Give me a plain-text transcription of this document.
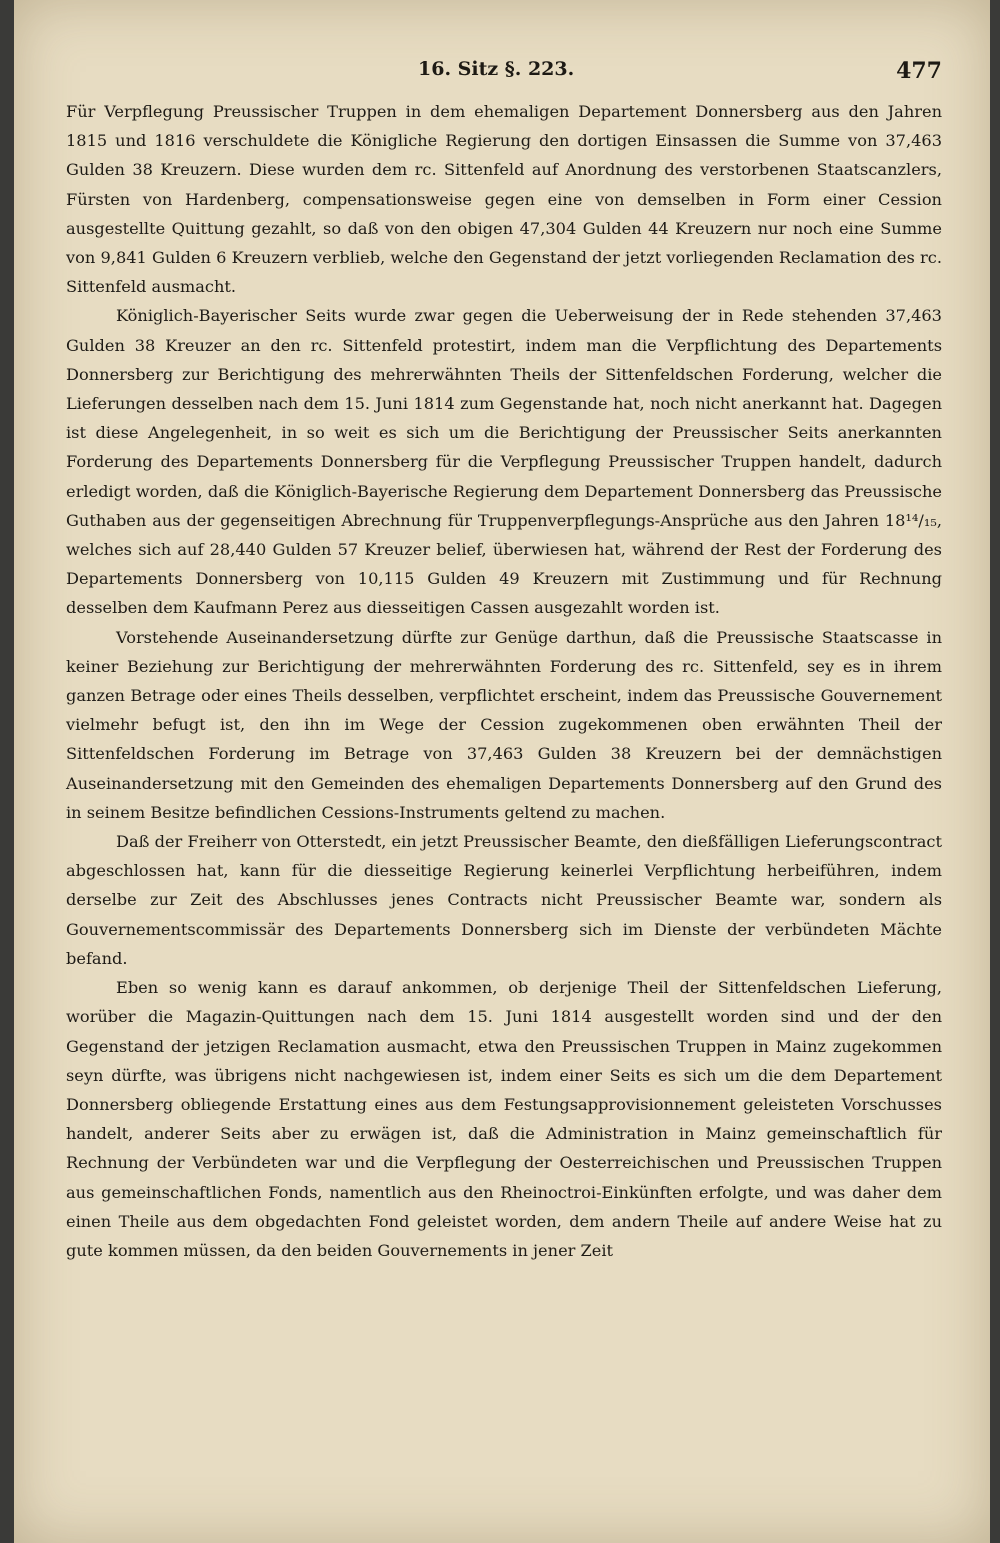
16. Sitz §. 223.	477

Für Verpflegung Preussischer Truppen in dem ehemaligen Departement Donnersberg aus den Jahren 1815 und 1816 verschuldete die Königliche Regierung den dortigen Einsassen die Summe von 37,463 Gulden 38 Kreuzern. Diese wurden dem rc. Sittenfeld auf Anordnung des verstorbenen Staatscanzlers, Fürsten von Hardenberg, compensationsweise gegen eine von demselben in Form einer Cession ausgestellte Quittung gezahlt, so daß von den obigen 47,304 Gulden 44 Kreuzern nur noch eine Summe von 9,841 Gulden 6 Kreuzern verblieb, welche den Gegenstand der jetzt vorliegenden Reclamation des rc. Sittenfeld ausmacht.

Königlich-Bayerischer Seits wurde zwar gegen die Ueberweisung der in Rede stehenden 37,463 Gulden 38 Kreuzer an den rc. Sittenfeld protestirt, indem man die Verpflichtung des Departements Donnersberg zur Berichtigung des mehrerwähnten Theils der Sittenfeldschen Forderung, welcher die Lieferungen desselben nach dem 15. Juni 1814 zum Gegenstande hat, noch nicht anerkannt hat. Dagegen ist diese Angelegenheit, in so weit es sich um die Berichtigung der Preussischer Seits anerkannten Forderung des Departements Donnersberg für die Verpflegung Preussischer Truppen handelt, dadurch erledigt worden, daß die Königlich-Bayerische Regierung dem Departement Donnersberg das Preussische Guthaben aus der gegenseitigen Abrechnung für Truppenverpflegungs-Ansprüche aus den Jahren 18¹⁴/₁₅, welches sich auf 28,440 Gulden 57 Kreuzer belief, überwiesen hat, während der Rest der Forderung des Departements Donnersberg von 10,115 Gulden 49 Kreuzern mit Zustimmung und für Rechnung desselben dem Kaufmann Perez aus diesseitigen Cassen ausgezahlt worden ist.

Vorstehende Auseinandersetzung dürfte zur Genüge darthun, daß die Preussische Staatscasse in keiner Beziehung zur Berichtigung der mehrerwähnten Forderung des rc. Sittenfeld, sey es in ihrem ganzen Betrage oder eines Theils desselben, verpflichtet erscheint, indem das Preussische Gouvernement vielmehr befugt ist, den ihn im Wege der Cession zugekommenen oben erwähnten Theil der Sittenfeldschen Forderung im Betrage von 37,463 Gulden 38 Kreuzern bei der demnächstigen Auseinandersetzung mit den Gemeinden des ehemaligen Departements Donnersberg auf den Grund des in seinem Besitze befindlichen Cessions-Instruments geltend zu machen.

Daß der Freiherr von Otterstedt, ein jetzt Preussischer Beamte, den dießfälligen Lieferungscontract abgeschlossen hat, kann für die diesseitige Regierung keinerlei Verpflichtung herbeiführen, indem derselbe zur Zeit des Abschlusses jenes Contracts nicht Preussischer Beamte war, sondern als Gouvernementscommissär des Departements Donnersberg sich im Dienste der verbündeten Mächte befand.

Eben so wenig kann es darauf ankommen, ob derjenige Theil der Sittenfeldschen Lieferung, worüber die Magazin-Quittungen nach dem 15. Juni 1814 ausgestellt worden sind und der den Gegenstand der jetzigen Reclamation ausmacht, etwa den Preussischen Truppen in Mainz zugekommen seyn dürfte, was übrigens nicht nachgewiesen ist, indem einer Seits es sich um die dem Departement Donnersberg obliegende Erstattung eines aus dem Festungsapprovisionnement geleisteten Vorschusses handelt, anderer Seits aber zu erwägen ist, daß die Administration in Mainz gemeinschaftlich für Rechnung der Verbündeten war und die Verpflegung der Oesterreichischen und Preussischen Truppen aus gemeinschaftlichen Fonds, namentlich aus den Rheinoctroi-Einkünften erfolgte, und was daher dem einen Theile aus dem obgedachten Fond geleistet worden, dem andern Theile auf andere Weise hat zu gute kommen müssen, da den beiden Gouvernements in jener Zeit
